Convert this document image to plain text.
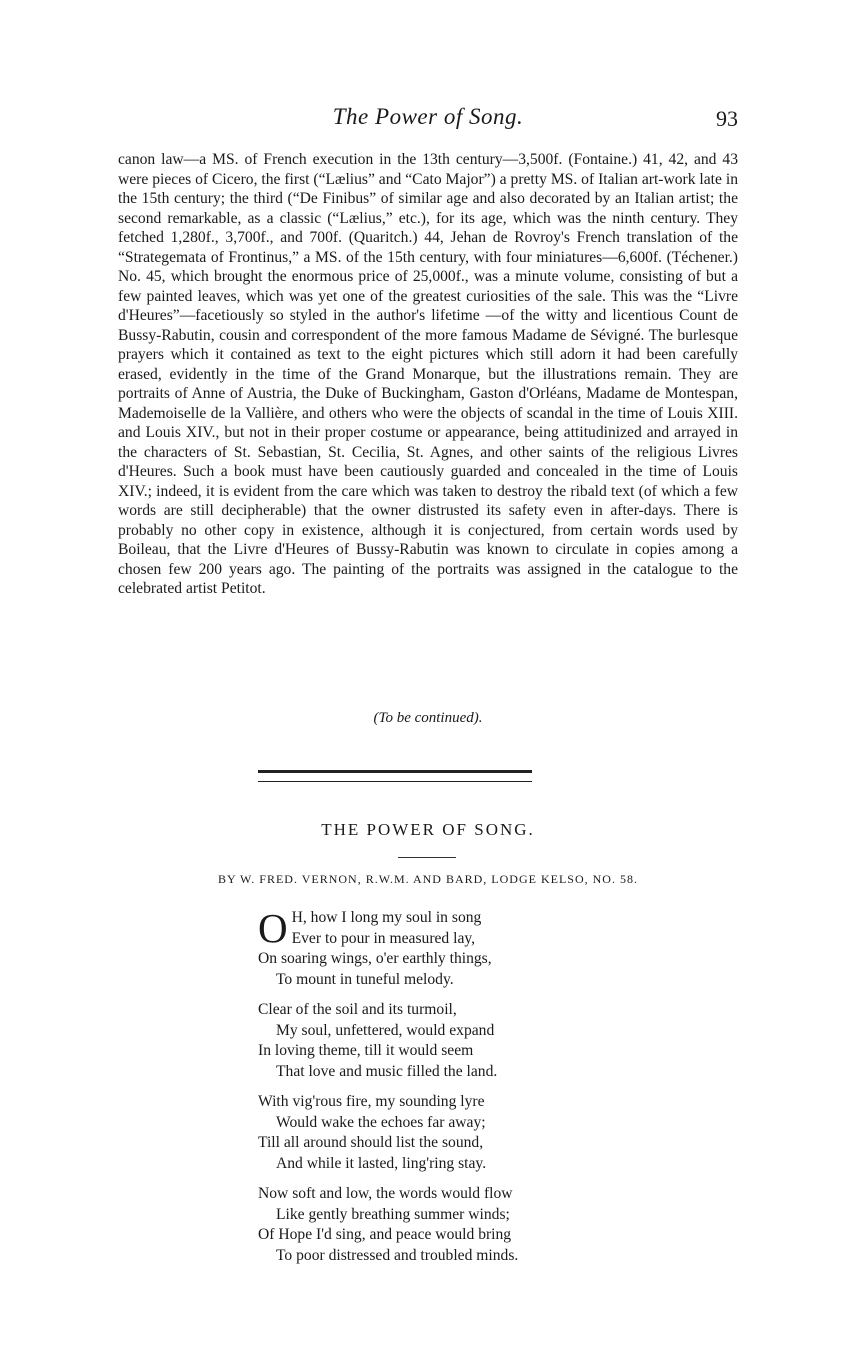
The Power of Song.	93

canon law—a MS. of French execution in the 13th century—3,500f. (Fontaine.) 41, 42, and 43 were pieces of Cicero, the first (“Lælius” and “Cato Major”) a pretty MS. of Italian art-work late in the 15th century; the third (“De Finibus” of similar age and also decorated by an Italian artist; the second remarkable, as a classic (“Lælius,” etc.), for its age, which was the ninth century. They fetched 1,280f., 3,700f., and 700f. (Quaritch.) 44, Jehan de Rovroy's French translation of the “Strategemata of Frontinus,” a MS. of the 15th century, with four miniatures—6,600f. (Téchener.) No. 45, which brought the enormous price of 25,000f., was a minute volume, consisting of but a few painted leaves, which was yet one of the greatest curiosities of the sale. This was the “Livre d'Heures”—facetiously so styled in the author's lifetime —of the witty and licentious Count de Bussy-Rabutin, cousin and correspondent of the more famous Madame de Sévigné. The burlesque prayers which it contained as text to the eight pictures which still adorn it had been carefully erased, evidently in the time of the Grand Monarque, but the illustrations remain. They are portraits of Anne of Austria, the Duke of Buckingham, Gaston d'Orléans, Madame de Montespan, Mademoiselle de la Vallière, and others who were the objects of scandal in the time of Louis XIII. and Louis XIV., but not in their proper costume or appearance, being attitudinized and arrayed in the characters of St. Sebastian, St. Cecilia, St. Agnes, and other saints of the religious Livres d'Heures. Such a book must have been cautiously guarded and concealed in the time of Louis XIV.; indeed, it is evident from the care which was taken to destroy the ribald text (of which a few words are still decipherable) that the owner distrusted its safety even in after-days. There is probably no other copy in existence, although it is conjectured, from certain words used by Boileau, that the Livre d'Heures of Bussy-Rabutin was known to circulate in copies among a chosen few 200 years ago. The painting of the portraits was assigned in the catalogue to the celebrated artist Petitot.

(To be continued).
THE POWER OF SONG.
BY W. FRED. VERNON, R.W.M. AND BARD, LODGE KELSO, NO. 58.
O H, how I long my soul in song
Ever to pour in measured lay,
On soaring wings, o'er earthly things,
To mount in tuneful melody.
Clear of the soil and its turmoil,
My soul, unfettered, would expand
In loving theme, till it would seem
That love and music filled the land.
With vig'rous fire, my sounding lyre
Would wake the echoes far away;
Till all around should list the sound,
And while it lasted, ling'ring stay.
Now soft and low, the words would flow
Like gently breathing summer winds;
Of Hope I'd sing, and peace would bring
To poor distressed and troubled minds.
